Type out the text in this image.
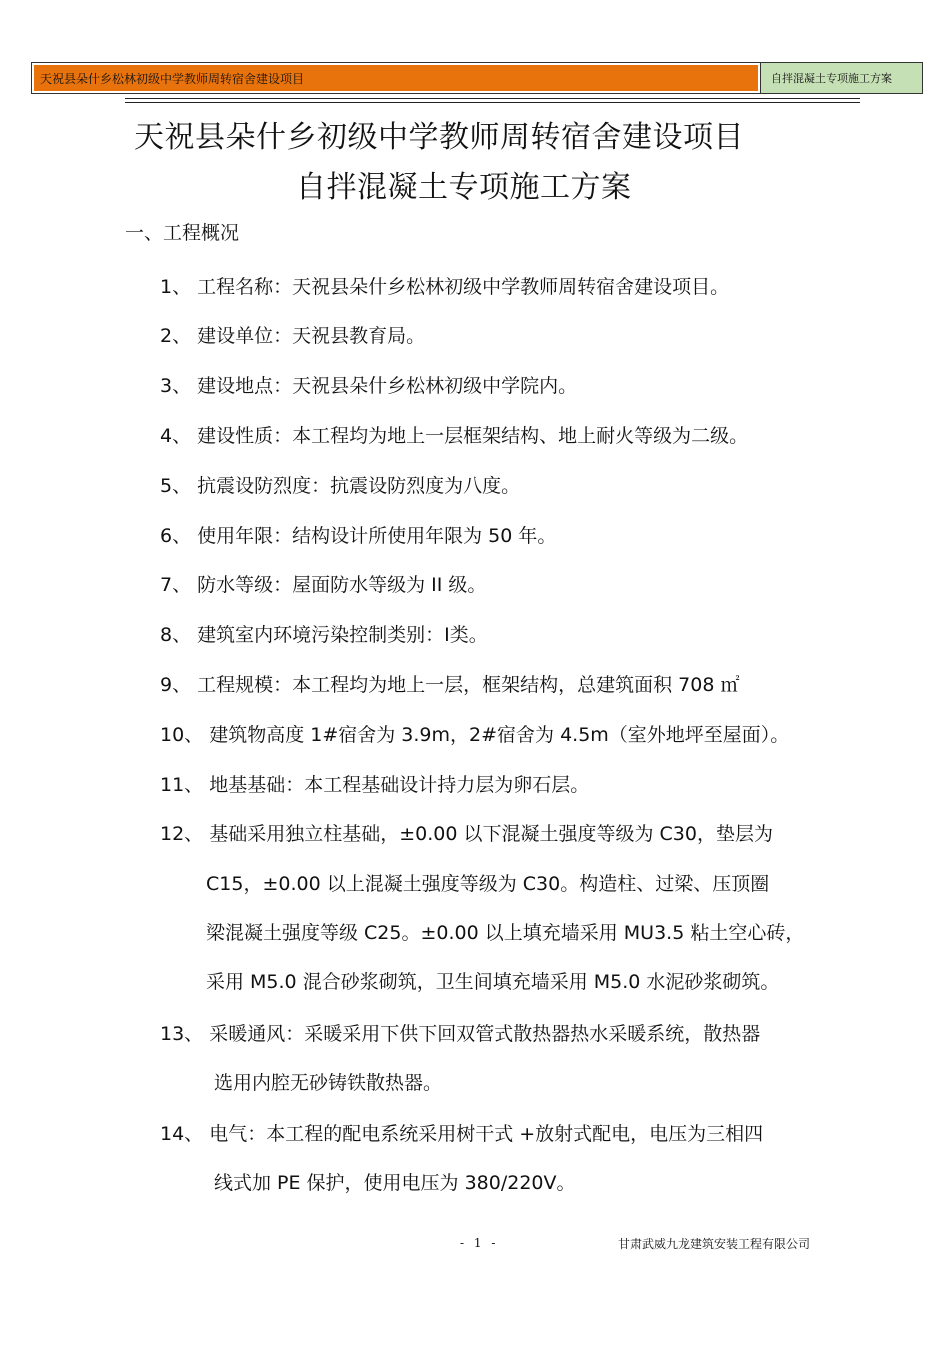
天祝县朵什乡松林初级中学教师周转宿舍建设项目	自拌混凝土专项施工方案
天祝县朵什乡初级中学教师周转宿舍建设项目
自拌混凝土专项施工方案
一、工程概况
1、 工程名称：天祝县朵什乡松林初级中学教师周转宿舍建设项目。
2、 建设单位：天祝县教育局。
3、 建设地点：天祝县朵什乡松林初级中学院内。
4、 建设性质：本工程均为地上一层框架结构、地上耐火等级为二级。
5、 抗震设防烈度：抗震设防烈度为八度。
6、 使用年限：结构设计所使用年限为 50 年。
7、 防水等级：屋面防水等级为 II 级。
8、 建筑室内环境污染控制类别：Ⅰ类。
9、 工程规模：本工程均为地上一层，框架结构，总建筑面积 708 ㎡
10、 建筑物高度 1#宿舍为 3.9m，2#宿舍为 4.5m（室外地坪至屋面）。
11、 地基基础：本工程基础设计持力层为卵石层。
12、 基础采用独立柱基础，±0.00 以下混凝土强度等级为 C30，垫层为
C15，±0.00 以上混凝土强度等级为 C30。构造柱、过梁、压顶圈
梁混凝土强度等级 C25。±0.00 以上填充墙采用 MU3.5 粘土空心砖，
采用 M5.0 混合砂浆砌筑，卫生间填充墙采用 M5.0 水泥砂浆砌筑。
13、 采暖通风：采暖采用下供下回双管式散热器热水采暖系统，散热器
选用内腔无砂铸铁散热器。
14、 电气：本工程的配电系统采用树干式 +放射式配电，电压为三相四
线式加 PE 保护，使用电压为 380/220V。
- 1 -	甘肃武威九龙建筑安装工程有限公司
